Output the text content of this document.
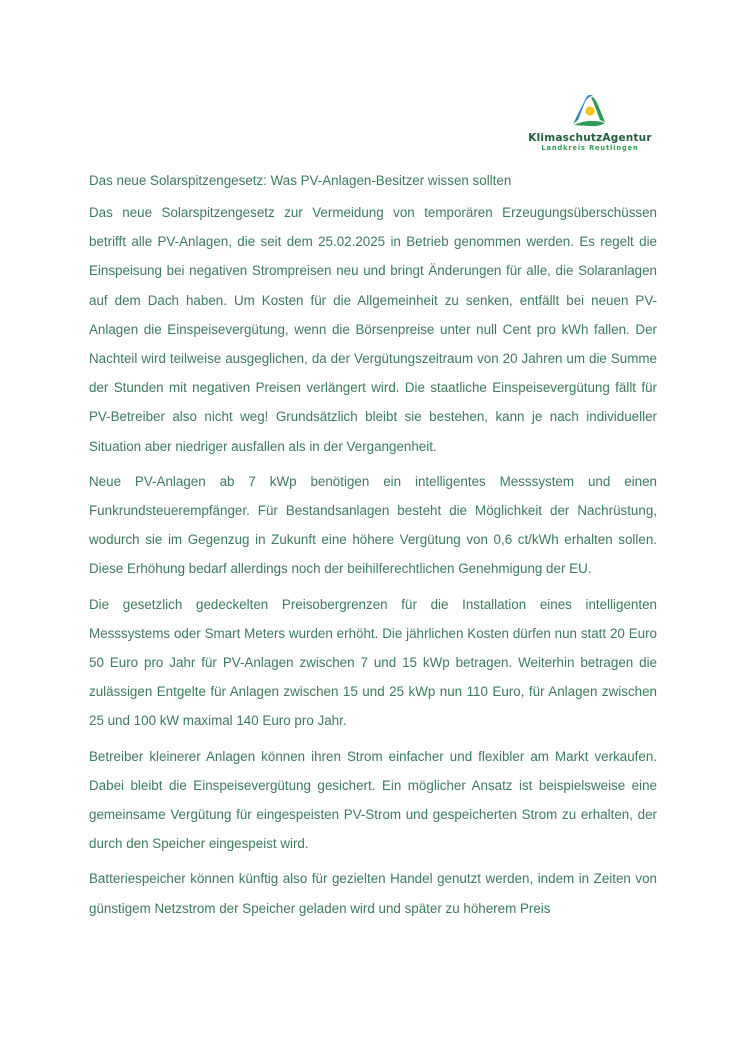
KlimaschutzAgentur
Landkreis Reutlingen
Das neue Solarspitzengesetz: Was PV-Anlagen-Besitzer wissen sollten

Das neue Solarspitzengesetz zur Vermeidung von temporären Erzeugungsüberschüssen betrifft alle PV-Anlagen, die seit dem 25.02.2025 in Betrieb genommen werden. Es regelt die Einspeisung bei negativen Strompreisen neu und bringt Änderungen für alle, die Solaranlagen auf dem Dach haben. Um Kosten für die Allgemeinheit zu senken, entfällt bei neuen PV-Anlagen die Einspeisevergütung, wenn die Börsenpreise unter null Cent pro kWh fallen. Der Nachteil wird teilweise ausgeglichen, da der Vergütungszeitraum von 20 Jahren um die Summe der Stunden mit negativen Preisen verlängert wird. Die staatliche Einspeisevergütung fällt für PV-Betreiber also nicht weg! Grundsätzlich bleibt sie bestehen, kann je nach individueller Situation aber niedriger ausfallen als in der Vergangenheit.

Neue PV-Anlagen ab 7 kWp benötigen ein intelligentes Messsystem und einen Funkrundsteuerempfänger. Für Bestandsanlagen besteht die Möglichkeit der Nachrüstung, wodurch sie im Gegenzug in Zukunft eine höhere Vergütung von 0,6 ct/kWh erhalten sollen. Diese Erhöhung bedarf allerdings noch der beihilferechtlichen Genehmigung der EU.

Die gesetzlich gedeckelten Preisobergrenzen für die Installation eines intelligenten Messsystems oder Smart Meters wurden erhöht. Die jährlichen Kosten dürfen nun statt 20 Euro 50 Euro pro Jahr für PV-Anlagen zwischen 7 und 15 kWp betragen. Weiterhin betragen die zulässigen Entgelte für Anlagen zwischen 15 und 25 kWp nun 110 Euro, für Anlagen zwischen 25 und 100 kW maximal 140 Euro pro Jahr.

Betreiber kleinerer Anlagen können ihren Strom einfacher und flexibler am Markt verkaufen. Dabei bleibt die Einspeisevergütung gesichert. Ein möglicher Ansatz ist beispielsweise eine gemeinsame Vergütung für eingespeisten PV-Strom und gespeicherten Strom zu erhalten, der durch den Speicher eingespeist wird.

Batteriespeicher können künftig also für gezielten Handel genutzt werden, indem in Zeiten von günstigem Netzstrom der Speicher geladen wird und später zu höherem Preis
